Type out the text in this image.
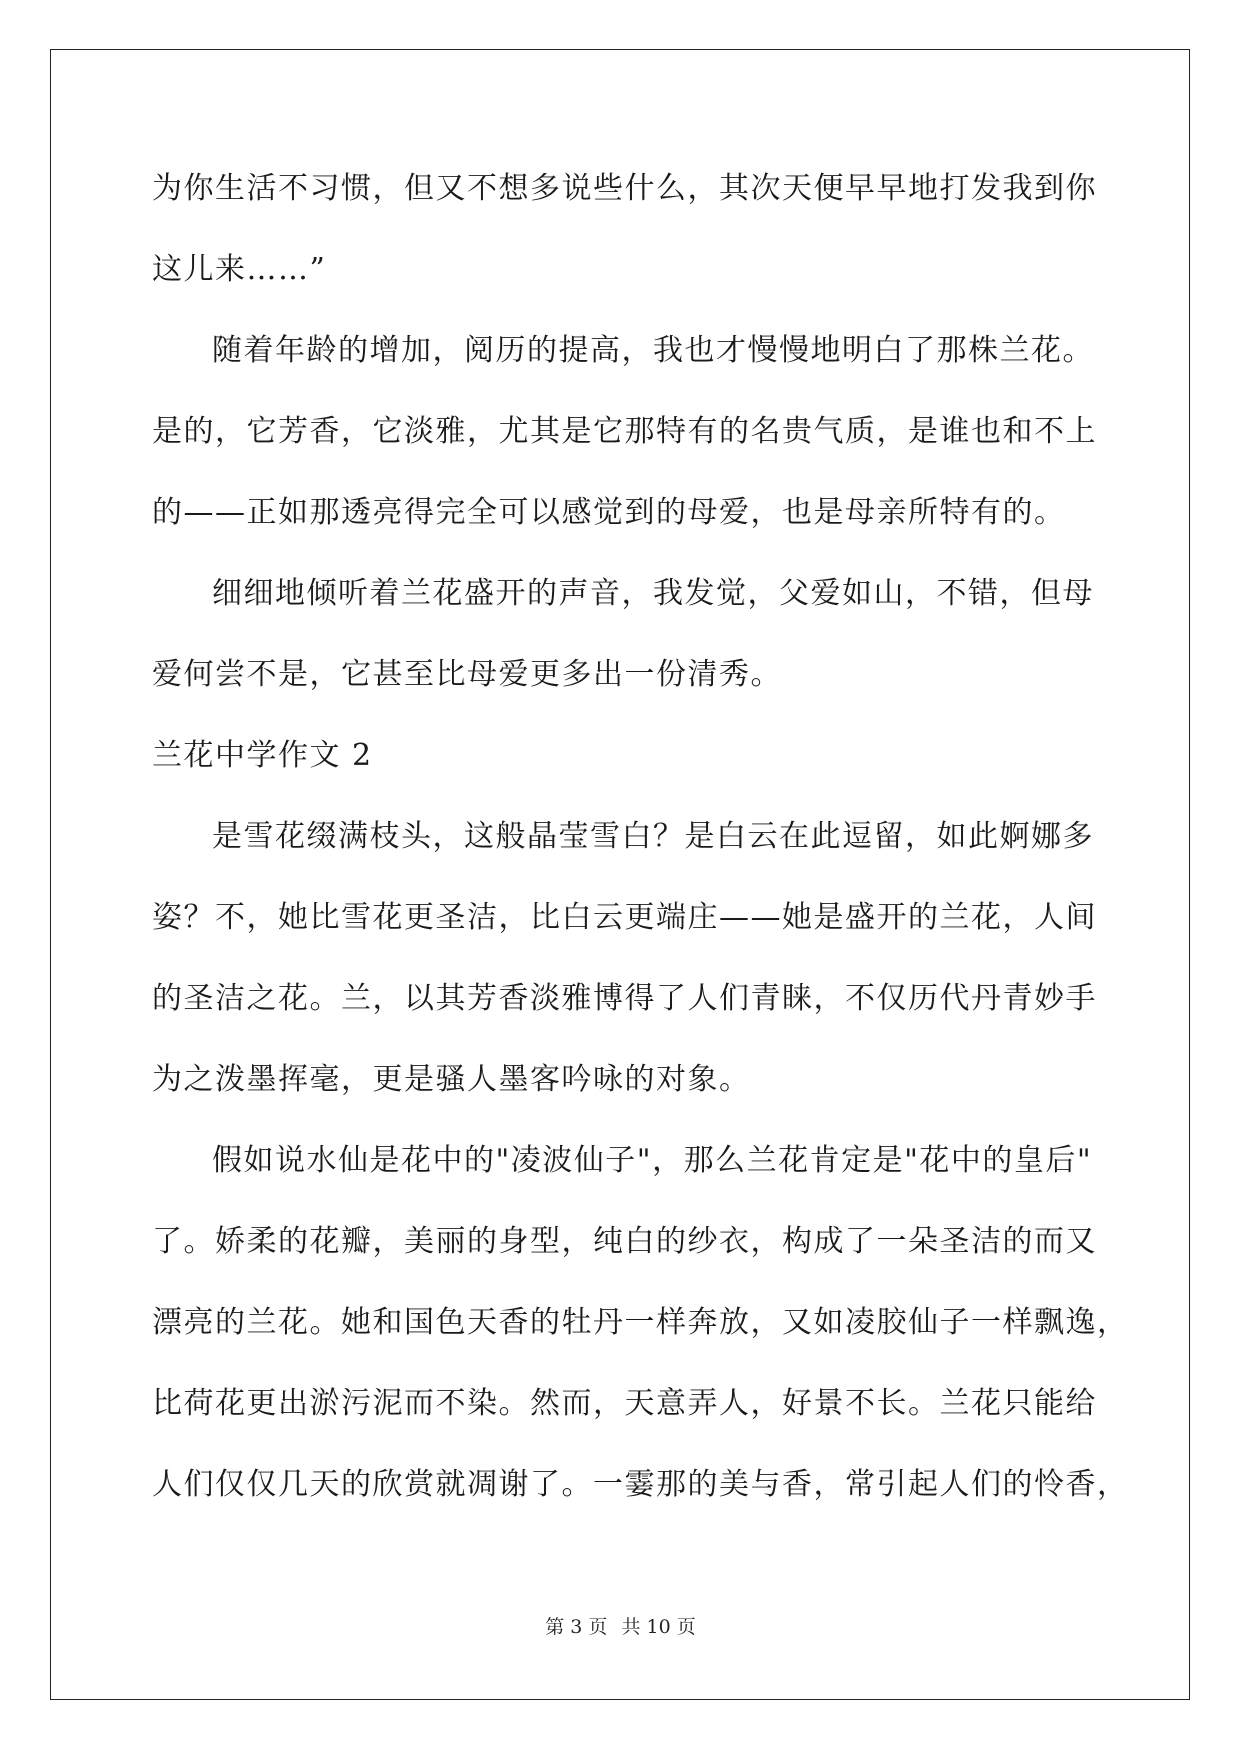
为你生活不习惯，但又不想多说些什么，其次天便早早地打发我到你
这儿来……”
随着年龄的增加，阅历的提高，我也才慢慢地明白了那株兰花。
是的，它芳香，它淡雅，尤其是它那特有的名贵气质，是谁也和不上
的——正如那透亮得完全可以感觉到的母爱，也是母亲所特有的。
细细地倾听着兰花盛开的声音，我发觉，父爱如山，不错，但母
爱何尝不是，它甚至比母爱更多出一份清秀。
兰花中学作文 2
是雪花缀满枝头，这般晶莹雪白？是白云在此逗留，如此婀娜多
姿？不，她比雪花更圣洁，比白云更端庄——她是盛开的兰花，人间
的圣洁之花。兰，以其芳香淡雅博得了人们青睐，不仅历代丹青妙手
为之泼墨挥毫，更是骚人墨客吟咏的对象。
假如说水仙是花中的"凌波仙子"，那么兰花肯定是"花中的皇后"
了。娇柔的花瓣，美丽的身型，纯白的纱衣，构成了一朵圣洁的而又
漂亮的兰花。她和国色天香的牡丹一样奔放，又如凌胶仙子一样飘逸，
比荷花更出淤污泥而不染。然而，天意弄人，好景不长。兰花只能给
人们仅仅几天的欣赏就凋谢了。一霎那的美与香，常引起人们的怜香，
第 3 页 共 10 页
